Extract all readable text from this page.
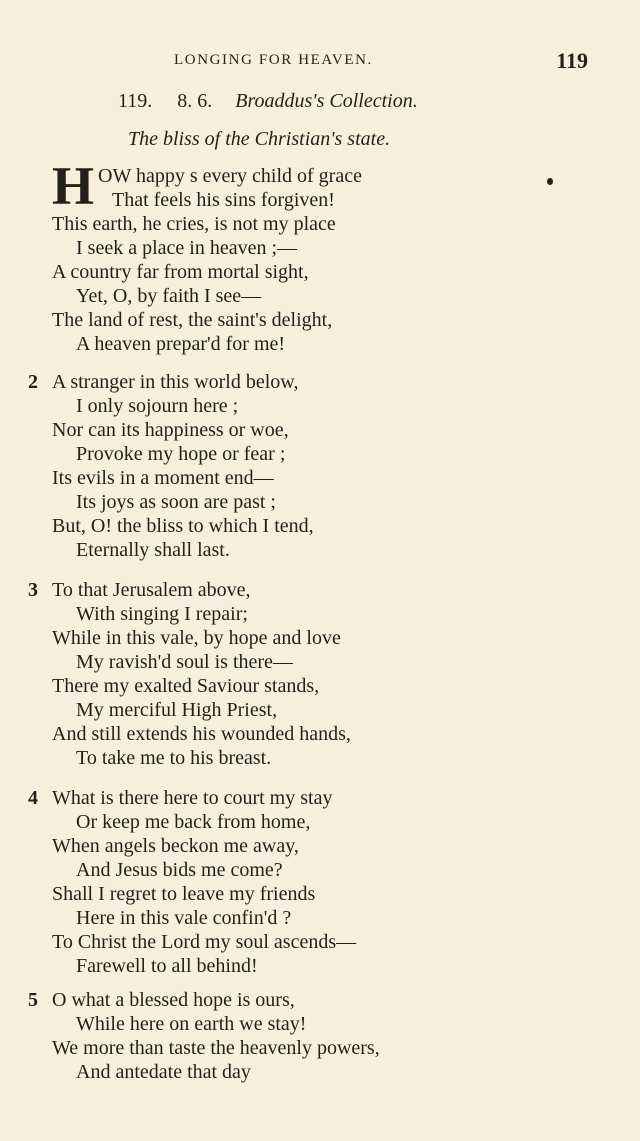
LONGING FOR HEAVEN.	119
119. 8. 6. Broaddus's Collection.
The bliss of the Christian's state.
H OW happy s every child of grace
That feels his sins forgiven!
This earth, he cries, is not my place
I seek a place in heaven ;—
A country far from mortal sight,
Yet, O, by faith I see—
The land of rest, the saint's delight,
A heaven prepar'd for me!
2 A stranger in this world below,
I only sojourn here ;
Nor can its happiness or woe,
Provoke my hope or fear ;
Its evils in a moment end—
Its joys as soon are past ;
But, O! the bliss to which I tend,
Eternally shall last.
3 To that Jerusalem above,
With singing I repair;
While in this vale, by hope and love
My ravish'd soul is there—
There my exalted Saviour stands,
My merciful High Priest,
And still extends his wounded hands,
To take me to his breast.
4 What is there here to court my stay
Or keep me back from home,
When angels beckon me away,
And Jesus bids me come?
Shall I regret to leave my friends
Here in this vale confin'd ?
To Christ the Lord my soul ascends—
Farewell to all behind!
5 O what a blessed hope is ours,
While here on earth we stay!
We more than taste the heavenly powers,
And antedate that day
